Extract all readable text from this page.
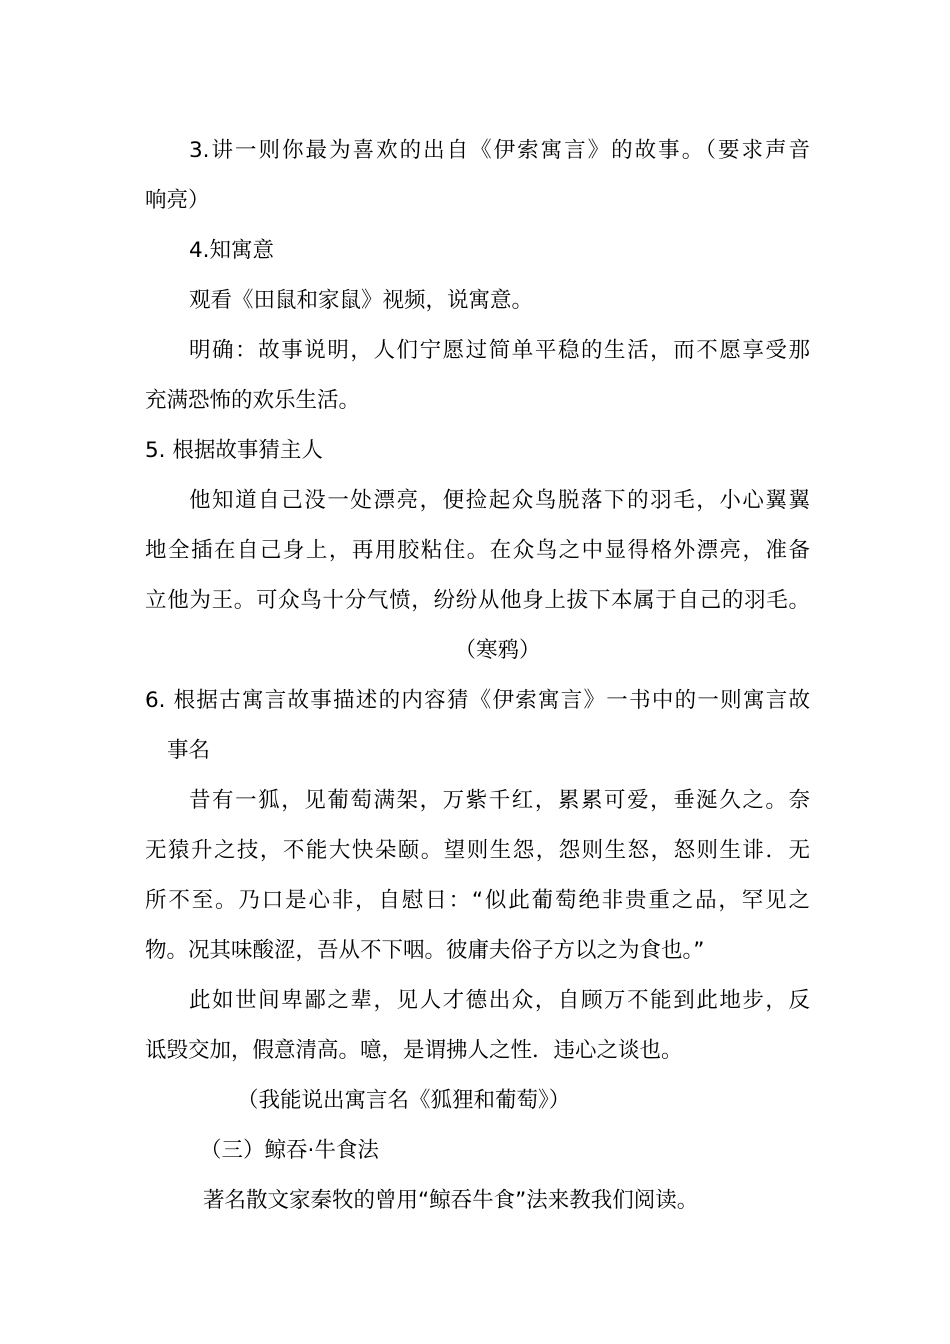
3.讲一则你最为喜欢的出自《伊索寓言》的故事。（要求声音
响亮）
4.知寓意
观看《田鼠和家鼠》视频，说寓意。
明确：故事说明，人们宁愿过简单平稳的生活，而不愿享受那
充满恐怖的欢乐生活。
5. 根据故事猜主人
他知道自己没一处漂亮，便捡起众鸟脱落下的羽毛，小心翼翼
地全插在自己身上，再用胶粘住。在众鸟之中显得格外漂亮，准备
立他为王。可众鸟十分气愤，纷纷从他身上拔下本属于自己的羽毛。
（寒鸦）
6. 根据古寓言故事描述的内容猜《伊索寓言》一书中的一则寓言故
事名
昔有一狐，见葡萄满架，万紫千红，累累可爱，垂涎久之。奈
无猿升之技，不能大快朵颐。望则生怨，怨则生怒，怒则生诽．无
所不至。乃口是心非，自慰日：“似此葡萄绝非贵重之品，罕见之
物。况其味酸涩，吾从不下咽。彼庸夫俗子方以之为食也。”
此如世间卑鄙之辈，见人才德出众，自顾万不能到此地步，反
诋毁交加，假意清高。噫，是谓拂人之性．违心之谈也。
（我能说出寓言名《狐狸和葡萄》）
（三）鲸吞·牛食法
著名散文家秦牧的曾用“鲸吞牛食”法来教我们阅读。
